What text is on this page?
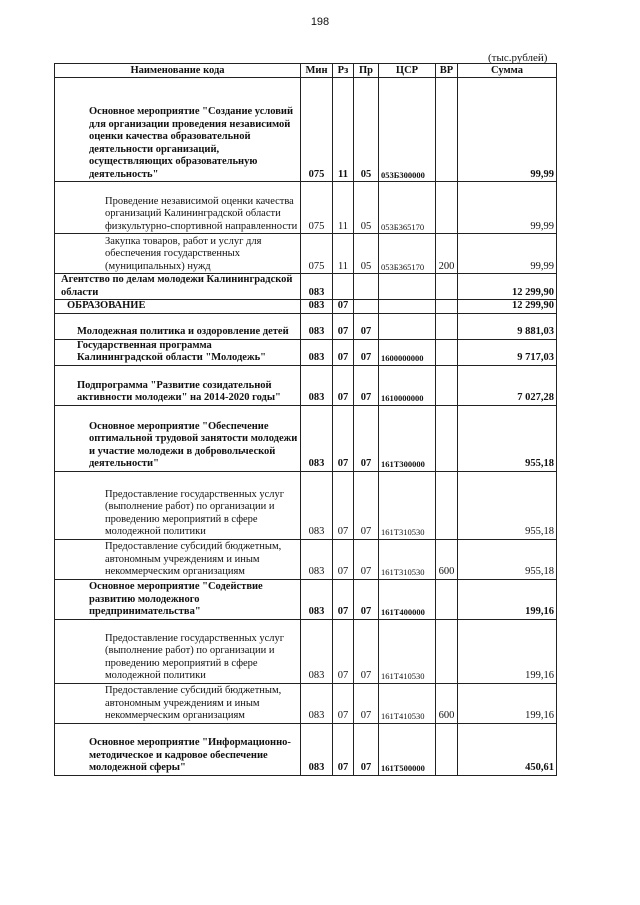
198
(тыс.рублей)
Наименование кода	Мин	Рз	Пр	ЦСР	ВР	Сумма
Основное мероприятие "Создание условий для организации проведения независимой оценки качества образовательной деятельности организаций, осуществляющих образовательную деятельность"	075	11	05	053Б300000		99,99
Проведение независимой оценки качества организаций Калининградской области физкультурно-спортивной направленности	075	11	05	053Б365170		99,99
Закупка товаров, работ и услуг для обеспечения государственных (муниципальных) нужд	075	11	05	053Б365170	200	99,99
Агентство по делам молодежи Калининградской области	083					12 299,90
ОБРАЗОВАНИЕ	083	07				12 299,90
Молодежная политика и оздоровление детей	083	07	07			9 881,03
Государственная программа Калининградской области "Молодежь"	083	07	07	1600000000		9 717,03
Подпрограмма "Развитие созидательной активности молодежи" на 2014-2020 годы"	083	07	07	1610000000		7 027,28
Основное мероприятие "Обеспечение оптимальной трудовой занятости молодежи и участие молодежи в добровольческой деятельности"	083	07	07	161Т300000		955,18
Предоставление государственных услуг (выполнение работ) по организации и проведению мероприятий в сфере молодежной политики	083	07	07	161Т310530		955,18
Предоставление субсидий бюджетным, автономным учреждениям и иным некоммерческим организациям	083	07	07	161Т310530	600	955,18
Основное мероприятие "Содействие развитию молодежного предпринимательства"	083	07	07	161Т400000		199,16
Предоставление государственных услуг (выполнение работ) по организации и проведению мероприятий в сфере молодежной политики	083	07	07	161Т410530		199,16
Предоставление субсидий бюджетным, автономным учреждениям и иным некоммерческим организациям	083	07	07	161Т410530	600	199,16
Основное мероприятие "Информационно-методическое и кадровое обеспечение молодежной сферы"	083	07	07	161Т500000		450,61
